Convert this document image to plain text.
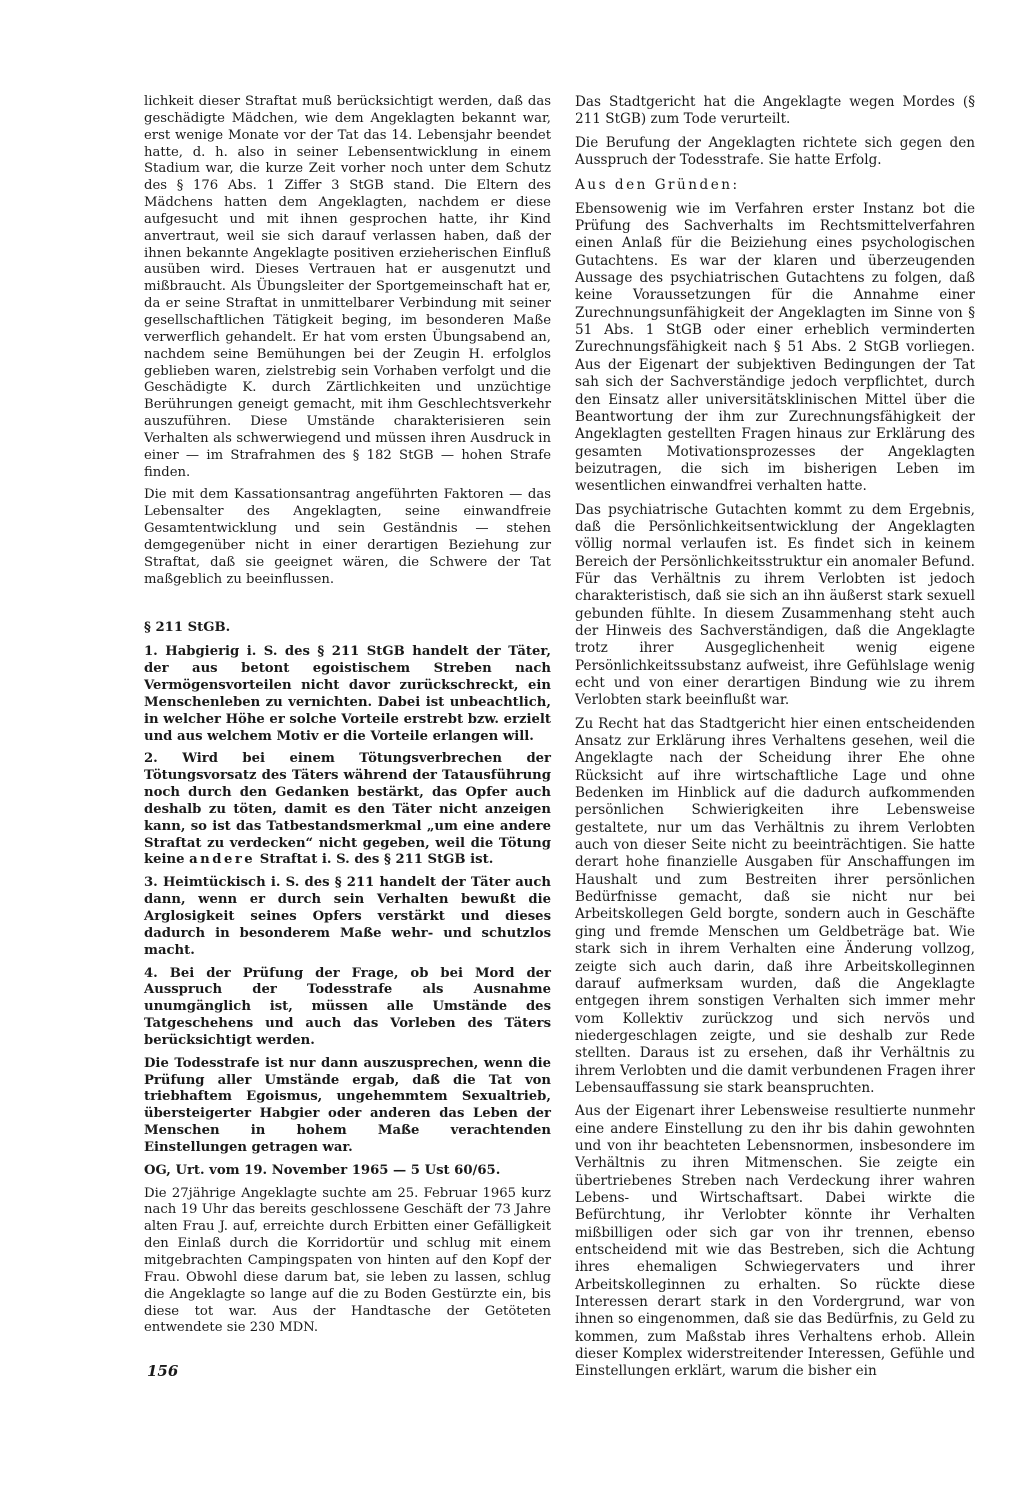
lichkeit dieser Straftat muß berücksichtigt werden, daß das geschädigte Mädchen, wie dem Angeklagten bekannt war, erst wenige Monate vor der Tat das 14. Lebensjahr beendet hatte, d. h. also in seiner Lebensentwicklung in einem Stadium war, die kurze Zeit vorher noch unter dem Schutz des § 176 Abs. 1 Ziffer 3 StGB stand. Die Eltern des Mädchens hatten dem Angeklagten, nachdem er diese aufgesucht und mit ihnen gesprochen hatte, ihr Kind anvertraut, weil sie sich darauf verlassen haben, daß der ihnen bekannte Angeklagte positiven erzieherischen Einfluß ausüben wird. Dieses Vertrauen hat er ausgenutzt und mißbraucht. Als Übungsleiter der Sportgemeinschaft hat er, da er seine Straftat in unmittelbarer Verbindung mit seiner gesellschaftlichen Tätigkeit beging, im besonderen Maße verwerflich gehandelt. Er hat vom ersten Übungsabend an, nachdem seine Bemühungen bei der Zeugin H. erfolglos geblieben waren, zielstrebig sein Vorhaben verfolgt und die Geschädigte K. durch Zärtlichkeiten und unzüchtige Berührungen geneigt gemacht, mit ihm Geschlechtsverkehr auszuführen. Diese Umstände charakterisieren sein Verhalten als schwerwiegend und müssen ihren Ausdruck in einer — im Strafrahmen des § 182 StGB — hohen Strafe finden.

Die mit dem Kassationsantrag angeführten Faktoren — das Lebensalter des Angeklagten, seine einwandfreie Gesamtentwicklung und sein Geständnis — stehen demgegenüber nicht in einer derartigen Beziehung zur Straftat, daß sie geeignet wären, die Schwere der Tat maßgeblich zu beeinflussen.

§ 211 StGB.

1. Habgierig i. S. des § 211 StGB handelt der Täter, der aus betont egoistischem Streben nach Vermögensvorteilen nicht davor zurückschreckt, ein Menschenleben zu vernichten. Dabei ist unbeachtlich, in welcher Höhe er solche Vorteile erstrebt bzw. erzielt und aus welchem Motiv er die Vorteile erlangen will.

2. Wird bei einem Tötungsverbrechen der Tötungsvorsatz des Täters während der Tatausführung noch durch den Gedanken bestärkt, das Opfer auch deshalb zu töten, damit es den Täter nicht anzeigen kann, so ist das Tatbestandsmerkmal „um eine andere Straftat zu verdecken“ nicht gegeben, weil die Tötung keine andere Straftat i. S. des § 211 StGB ist.

3. Heimtückisch i. S. des § 211 handelt der Täter auch dann, wenn er durch sein Verhalten bewußt die Arglosigkeit seines Opfers verstärkt und dieses dadurch in besonderem Maße wehr- und schutzlos macht.

4. Bei der Prüfung der Frage, ob bei Mord der Ausspruch der Todesstrafe als Ausnahme unumgänglich ist, müssen alle Umstände des Tatgeschehens und auch das Vorleben des Täters berücksichtigt werden.

Die Todesstrafe ist nur dann auszusprechen, wenn die Prüfung aller Umstände ergab, daß die Tat von triebhaftem Egoismus, ungehemmtem Sexualtrieb, übersteigerter Habgier oder anderen das Leben der Menschen in hohem Maße verachtenden Einstellungen getragen war.

OG, Urt. vom 19. November 1965 — 5 Ust 60/65.

Die 27jährige Angeklagte suchte am 25. Februar 1965 kurz nach 19 Uhr das bereits geschlossene Geschäft der 73 Jahre alten Frau J. auf, erreichte durch Erbitten einer Gefälligkeit den Einlaß durch die Korridortür und schlug mit einem mitgebrachten Campingspaten von hinten auf den Kopf der Frau. Obwohl diese darum bat, sie leben zu lassen, schlug die Angeklagte so lange auf die zu Boden Gestürzte ein, bis diese tot war. Aus der Handtasche der Getöteten entwendete sie 230 MDN.

Das Stadtgericht hat die Angeklagte wegen Mordes (§ 211 StGB) zum Tode verurteilt.

Die Berufung der Angeklagten richtete sich gegen den Ausspruch der Todesstrafe. Sie hatte Erfolg.

Aus den Gründen:

Ebensowenig wie im Verfahren erster Instanz bot die Prüfung des Sachverhalts im Rechtsmittelverfahren einen Anlaß für die Beiziehung eines psychologischen Gutachtens. Es war der klaren und überzeugenden Aussage des psychiatrischen Gutachtens zu folgen, daß keine Voraussetzungen für die Annahme einer Zurechnungsunfähigkeit der Angeklagten im Sinne von § 51 Abs. 1 StGB oder einer erheblich verminderten Zurechnungsfähigkeit nach § 51 Abs. 2 StGB vorliegen. Aus der Eigenart der subjektiven Bedingungen der Tat sah sich der Sachverständige jedoch verpflichtet, durch den Einsatz aller universitätsklinischen Mittel über die Beantwortung der ihm zur Zurechnungsfähigkeit der Angeklagten gestellten Fragen hinaus zur Erklärung des gesamten Motivationsprozesses der Angeklagten beizutragen, die sich im bisherigen Leben im wesentlichen einwandfrei verhalten hatte.

Das psychiatrische Gutachten kommt zu dem Ergebnis, daß die Persönlichkeitsentwicklung der Angeklagten völlig normal verlaufen ist. Es findet sich in keinem Bereich der Persönlichkeitsstruktur ein anomaler Befund. Für das Verhältnis zu ihrem Verlobten ist jedoch charakteristisch, daß sie sich an ihn äußerst stark sexuell gebunden fühlte. In diesem Zusammenhang steht auch der Hinweis des Sachverständigen, daß die Angeklagte trotz ihrer Ausgeglichenheit wenig eigene Persönlichkeitssubstanz aufweist, ihre Gefühlslage wenig echt und von einer derartigen Bindung wie zu ihrem Verlobten stark beeinflußt war.

Zu Recht hat das Stadtgericht hier einen entscheidenden Ansatz zur Erklärung ihres Verhaltens gesehen, weil die Angeklagte nach der Scheidung ihrer Ehe ohne Rücksicht auf ihre wirtschaftliche Lage und ohne Bedenken im Hinblick auf die dadurch aufkommenden persönlichen Schwierigkeiten ihre Lebensweise gestaltete, nur um das Verhältnis zu ihrem Verlobten auch von dieser Seite nicht zu beeinträchtigen. Sie hatte derart hohe finanzielle Ausgaben für Anschaffungen im Haushalt und zum Bestreiten ihrer persönlichen Bedürfnisse gemacht, daß sie nicht nur bei Arbeitskollegen Geld borgte, sondern auch in Geschäfte ging und fremde Menschen um Geldbeträge bat. Wie stark sich in ihrem Verhalten eine Änderung vollzog, zeigte sich auch darin, daß ihre Arbeitskolleginnen darauf aufmerksam wurden, daß die Angeklagte entgegen ihrem sonstigen Verhalten sich immer mehr vom Kollektiv zurückzog und sich nervös und niedergeschlagen zeigte, und sie deshalb zur Rede stellten. Daraus ist zu ersehen, daß ihr Verhältnis zu ihrem Verlobten und die damit verbundenen Fragen ihrer Lebensauffassung sie stark beanspruchten.

Aus der Eigenart ihrer Lebensweise resultierte nunmehr eine andere Einstellung zu den ihr bis dahin gewohnten und von ihr beachteten Lebensnormen, insbesondere im Verhältnis zu ihren Mitmenschen. Sie zeigte ein übertriebenes Streben nach Verdeckung ihrer wahren Lebens- und Wirtschaftsart. Dabei wirkte die Befürchtung, ihr Verlobter könnte ihr Verhalten mißbilligen oder sich gar von ihr trennen, ebenso entscheidend mit wie das Bestreben, sich die Achtung ihres ehemaligen Schwiegervaters und ihrer Arbeitskolleginnen zu erhalten. So rückte diese Interessen derart stark in den Vordergrund, war von ihnen so eingenommen, daß sie das Bedürfnis, zu Geld zu kommen, zum Maßstab ihres Verhaltens erhob. Allein dieser Komplex widerstreitender Interessen, Gefühle und Einstellungen erklärt, warum die bisher ein

156
